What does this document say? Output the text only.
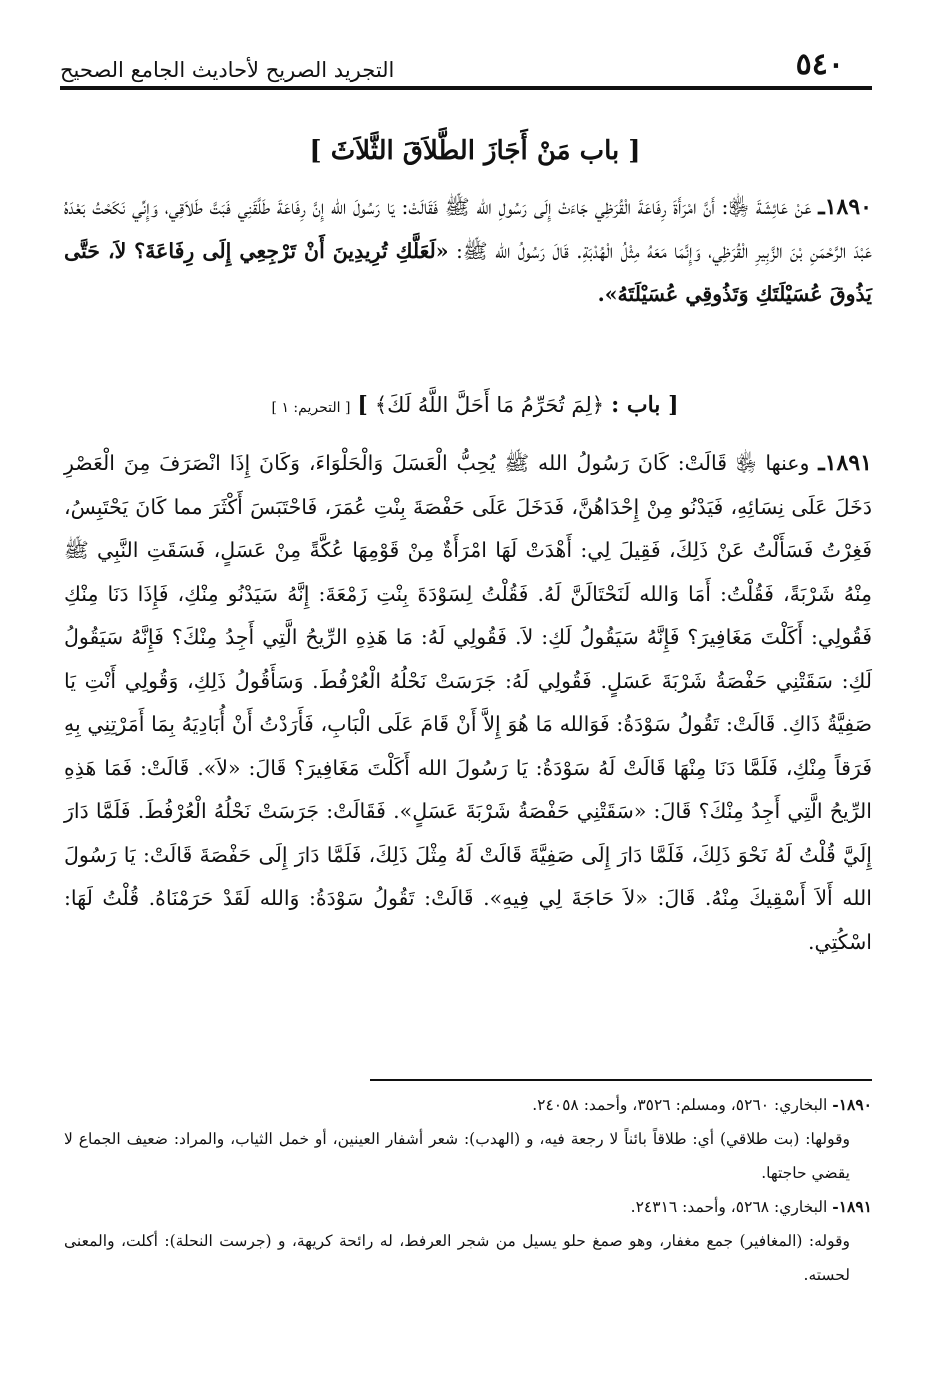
٥٤٠
التجريد الصريح لأحاديث الجامع الصحيح
[ باب مَنْ أَجَازَ الطَّلاَقَ الثَّلاَثَ ]
١٨٩٠ـ عَنْ عَائِشَةَ ﵂: أَنَّ امْرَأَةَ رِفَاعَةَ الْقُرَظِي جَاءَتْ إِلَى رَسُولِ الله ﷺ فَقَالَتْ: يَا رَسُولَ الله إِنَّ رِفَاعَةَ طَلَّقَنِي فَبَتَّ طَلاَقِي، وَإِنِّي نَكَحْتُ بَعْدَهُ عَبْدَ الرَّحْمَنِ بْنَ الزَّبِيرِ الْقُرَظِي، وَإِنَّمَا مَعَهُ مِثْلُ الْهُدْبَةِ. قَالَ رَسُولُ الله ﷺ: «لَعَلَّكِ تُرِيدِينَ أَنْ تَرْجِعِي إِلَى رِفَاعَةَ؟ لاَ، حَتَّى يَذُوقَ عُسَيْلَتَكِ وَتَذُوقِي عُسَيْلَتَهُ».
[ باب : ﴿لِمَ تُحَرِّمُ مَا أَحَلَّ اللَّهُ لَكَ﴾ ] [ التحريم: ١ ]
١٨٩١ـ وعنها ﵂ قَالَتْ: كَانَ رَسُولُ الله ﷺ يُحِبُّ الْعَسَلَ وَالْحَلْوَاءَ، وَكَانَ إِذَا انْصَرَفَ مِنَ الْعَصْرِ دَخَلَ عَلَى نِسَائِهِ، فَيَدْنُو مِنْ إِحْدَاهُنَّ، فَدَخَلَ عَلَى حَفْصَةَ بِنْتِ عُمَرَ، فَاحْتَبَسَ أَكْثَرَ مما كَانَ يَحْتَبِسُ، فَغِرْتُ فَسَأَلْتُ عَنْ ذَلِكَ، فَقِيلَ لِي: أَهْدَتْ لَهَا امْرَأَةٌ مِنْ قَوْمِهَا عُكَّةً مِنْ عَسَلٍ، فَسَقَتِ النَّبِي ﷺ مِنْهُ شَرْبَةً، فَقُلْتُ: أَمَا وَالله لَنَحْتَالَنَّ لَهُ. فَقُلْتُ لِسَوْدَةَ بِنْتِ زَمْعَةَ: إِنَّهُ سَيَدْنُو مِنْكِ، فَإِذَا دَنَا مِنْكِ فَقُولِي: أَكَلْتَ مَغَافِيرَ؟ فَإِنَّهُ سَيَقُولُ لَكِ: لاَ. فَقُولِي لَهُ: مَا هَذِهِ الرِّيحُ الَّتِي أَجِدُ مِنْكَ؟ فَإِنَّهُ سَيَقُولُ لَكِ: سَقَتْنِي حَفْصَةُ شَرْبَةَ عَسَلٍ. فَقُولِي لَهُ: جَرَسَتْ نَحْلُهُ الْعُرْفُطَ. وَسَأَقُولُ ذَلِكِ، وَقُولِي أَنْتِ يَا صَفِيَّةُ ذَاكِ. قَالَتْ: تَقُولُ سَوْدَةُ: فَوَالله مَا هُوَ إِلاَّ أَنْ قَامَ عَلَى الْبَابِ، فَأَرَدْتُ أَنْ أُبَادِيَهُ بِمَا أَمَرْتِنِي بِهِ فَرَقاً مِنْكِ، فَلَمَّا دَنَا مِنْهَا قَالَتْ لَهُ سَوْدَةُ: يَا رَسُولَ الله أَكَلْتَ مَغَافِيرَ؟ قَالَ: «لاَ». قَالَتْ: فَمَا هَذِهِ الرِّيحُ الَّتِي أَجِدُ مِنْكَ؟ قَالَ: «سَقَتْنِي حَفْصَةُ شَرْبَةَ عَسَلٍ». فَقَالَتْ: جَرَسَتْ نَحْلُهُ الْعُرْفُطَ. فَلَمَّا دَارَ إِلَيَّ قُلْتُ لَهُ نَحْوَ ذَلِكَ، فَلَمَّا دَارَ إِلَى صَفِيَّةَ قَالَتْ لَهُ مِثْلَ ذَلِكَ، فَلَمَّا دَارَ إِلَى حَفْصَةَ قَالَتْ: يَا رَسُولَ الله أَلاَ أَسْقِيكَ مِنْهُ. قَالَ: «لاَ حَاجَةَ لِي فِيهِ». قَالَتْ: تَقُولُ سَوْدَةُ: وَالله لَقَدْ حَرَمْنَاهُ. قُلْتُ لَهَا: اسْكُتِي.
١٨٩٠- البخاري: ٥٢٦٠، ومسلم: ٣٥٢٦، وأحمد: ٢٤٠٥٨.
وقولها: (بت طلاقي) أي: طلاقاً بائناً لا رجعة فيه، و (الهدب): شعر أشفار العينين، أو خمل الثياب، والمراد: ضعيف الجماع لا يقضي حاجتها.
١٨٩١- البخاري: ٥٢٦٨، وأحمد: ٢٤٣١٦.
وقوله: (المغافير) جمع مغفار، وهو صمغ حلو يسيل من شجر العرفط، له رائحة كريهة، و (جرست النحلة): أكلت، والمعنى لحسته.
